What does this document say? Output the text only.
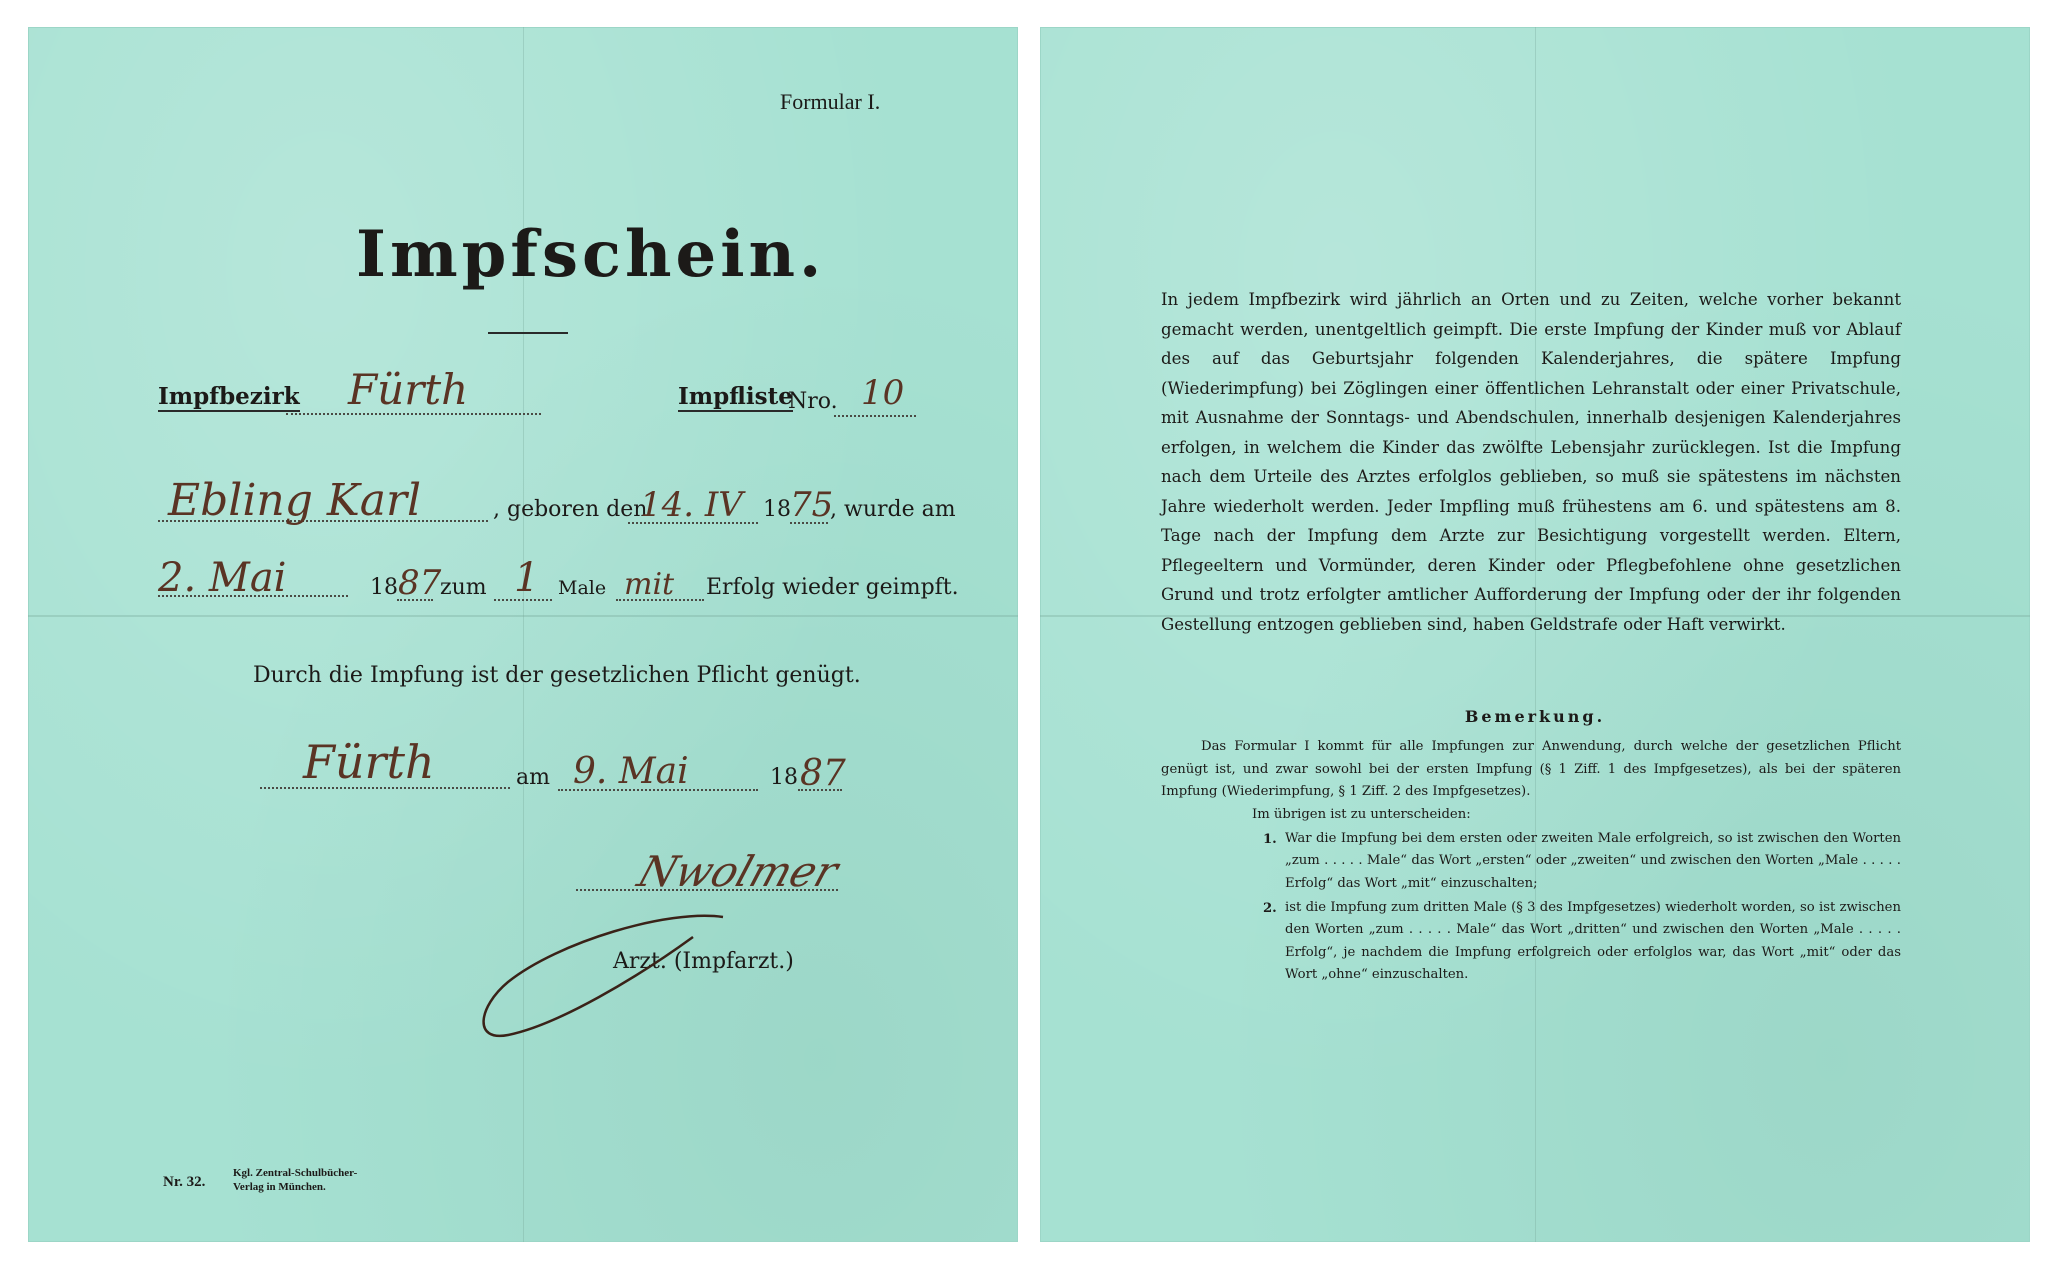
Formular I.
Impfschein.
Impfbezirk Fürth	Impfliste
Nro. 10
Ebling Karl	, geboren den
14. IV 18 75
, wurde am
2. Mai	18 87
zum 1 Male mit Erfolg wieder geimpft.
Durch die Impfung ist der gesetzlichen Pflicht genügt.
Fürth	am 9. Mai	18 87
Nwolmer
Arzt. (Impfarzt.)
Nr. 32.
Kgl. Zentral-Schulbücher-
Verlag in München.
In jedem Impfbezirk wird jährlich an Orten und zu Zeiten, welche vorher bekannt gemacht werden, unentgeltlich geimpft. Die erste Impfung der Kinder muß vor Ablauf des auf das Geburtsjahr folgenden Kalenderjahres, die spätere Impfung (Wiederimpfung) bei Zöglingen einer öffentlichen Lehranstalt oder einer Privatschule, mit Ausnahme der Sonntags- und Abendschulen, innerhalb desjenigen Kalenderjahres erfolgen, in welchem die Kinder das zwölfte Lebensjahr zurücklegen. Ist die Impfung nach dem Urteile des Arztes erfolglos geblieben, so muß sie spätestens im nächsten Jahre wiederholt werden. Jeder Impfling muß frühestens am 6. und spätestens am 8. Tage nach der Impfung dem Arzte zur Besichtigung vorgestellt werden. Eltern, Pflegeeltern und Vormünder, deren Kinder oder Pflegbefohlene ohne gesetzlichen Grund und trotz erfolgter amtlicher Aufforderung der Impfung oder der ihr folgenden Gestellung entzogen geblieben sind, haben Geldstrafe oder Haft verwirkt.
Bemerkung.
Das Formular I kommt für alle Impfungen zur Anwendung, durch welche der gesetzlichen Pflicht genügt ist, und zwar sowohl bei der ersten Impfung (§ 1 Ziff. 1 des Impfgesetzes), als bei der späteren Impfung (Wiederimpfung, § 1 Ziff. 2 des Impfgesetzes).
Im übrigen ist zu unterscheiden:
1. War die Impfung bei dem ersten oder zweiten Male erfolgreich, so ist zwischen den Worten „zum . . . . . Male“ das Wort „ersten“ oder „zweiten“ und zwischen den Worten „Male . . . . . Erfolg“ das Wort „mit“ einzuschalten;
2. ist die Impfung zum dritten Male (§ 3 des Impfgesetzes) wiederholt worden, so ist zwischen den Worten „zum . . . . . Male“ das Wort „dritten“ und zwischen den Worten „Male . . . . . Erfolg“, je nachdem die Impfung erfolgreich oder erfolglos war, das Wort „mit“ oder das Wort „ohne“ einzuschalten.
